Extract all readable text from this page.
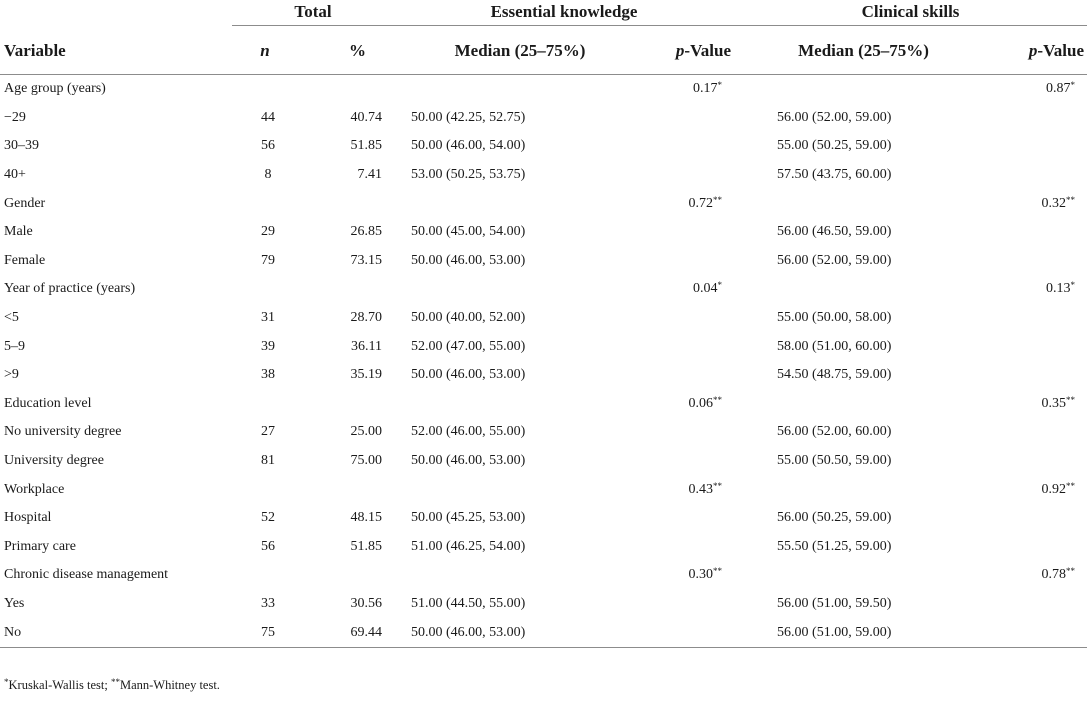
	Total		Essential knowledge		Clinical skills	

Variable	n	%	Median (25–75%)	p-Value	Median (25–75%)	p-Value
Age group (years)				0.17*		0.87*
−29	44	40.74	50.00 (42.25, 52.75)		56.00 (52.00, 59.00)	
30–39	56	51.85	50.00 (46.00, 54.00)		55.00 (50.25, 59.00)	
40+	8	7.41	53.00 (50.25, 53.75)		57.50 (43.75, 60.00)	
Gender				0.72**		0.32**
Male	29	26.85	50.00 (45.00, 54.00)		56.00 (46.50, 59.00)	
Female	79	73.15	50.00 (46.00, 53.00)		56.00 (52.00, 59.00)	
Year of practice (years)				0.04*		0.13*
<5	31	28.70	50.00 (40.00, 52.00)		55.00 (50.00, 58.00)	
5–9	39	36.11	52.00 (47.00, 55.00)		58.00 (51.00, 60.00)	
>9	38	35.19	50.00 (46.00, 53.00)		54.50 (48.75, 59.00)	
Education level				0.06**		0.35**
No university degree	27	25.00	52.00 (46.00, 55.00)		56.00 (52.00, 60.00)	
University degree	81	75.00	50.00 (46.00, 53.00)		55.00 (50.50, 59.00)	
Workplace				0.43**		0.92**
Hospital	52	48.15	50.00 (45.25, 53.00)		56.00 (50.25, 59.00)	
Primary care	56	51.85	51.00 (46.25, 54.00)		55.50 (51.25, 59.00)	
Chronic disease management				0.30**		0.78**
Yes	33	30.56	51.00 (44.50, 55.00)		56.00 (51.00, 59.50)	
No	75	69.44	50.00 (46.00, 53.00)		56.00 (51.00, 59.00)	
*Kruskal-Wallis test; **Mann-Whitney test.
